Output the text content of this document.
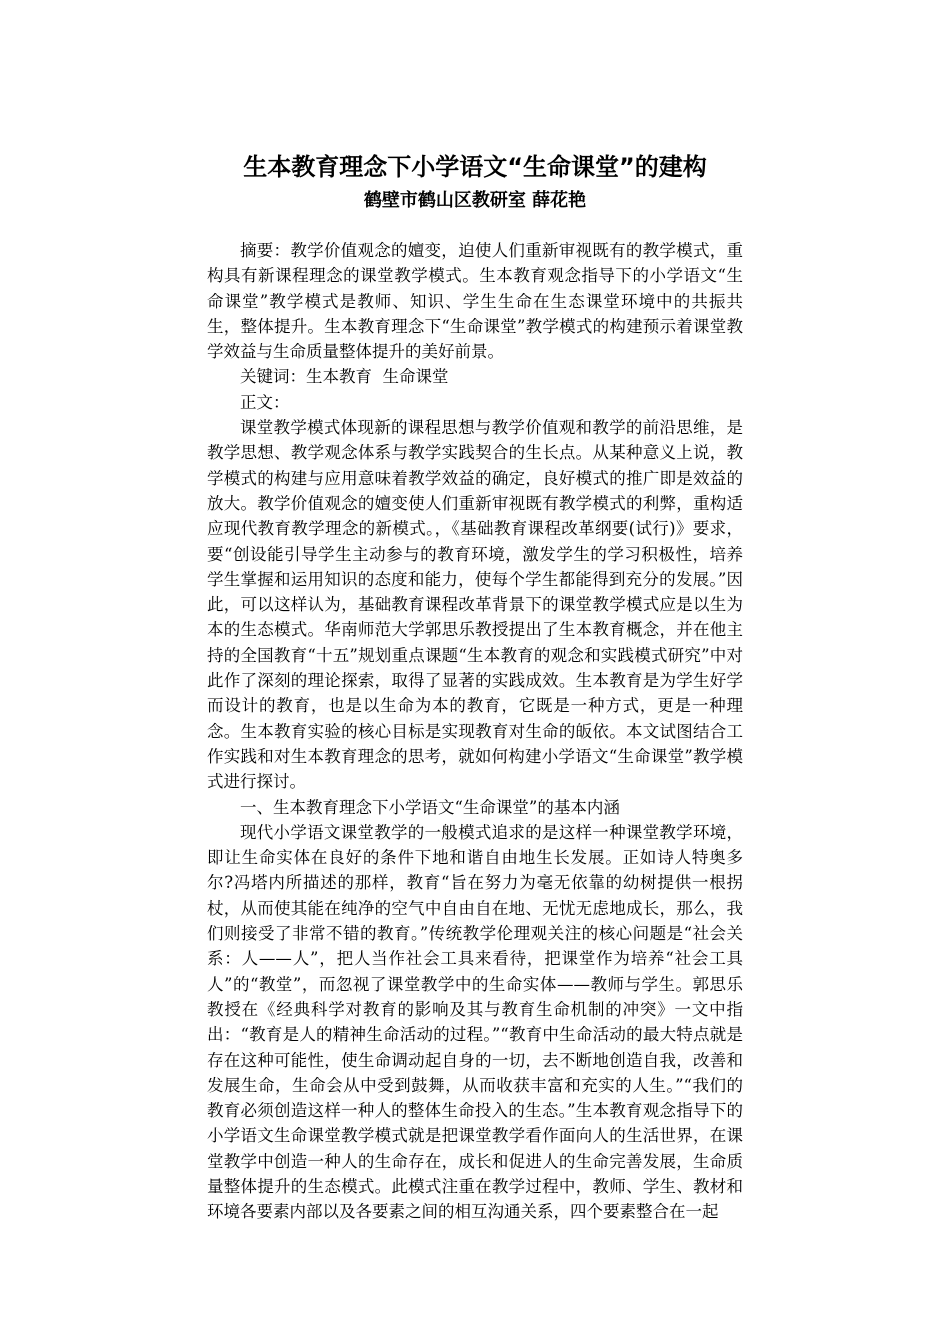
生本教育理念下小学语文“生命课堂”的建构
鹤壁市鹤山区教研室 薛花艳

摘要：教学价值观念的嬗变，迫使人们重新审视既有的教学模式，重构具有新课程理念的课堂教学模式。生本教育观念指导下的小学语文“生命课堂”教学模式是教师、知识、学生生命在生态课堂环境中的共振共生，整体提升。生本教育理念下“生命课堂”教学模式的构建预示着课堂教学效益与生命质量整体提升的美好前景。

关键词：生本教育  生命课堂

正文：

课堂教学模式体现新的课程思想与教学价值观和教学的前沿思维，是教学思想、教学观念体系与教学实践契合的生长点。从某种意义上说，教学模式的构建与应用意味着教学效益的确定，良好模式的推广即是效益的放大。教学价值观念的嬗变使人们重新审视既有教学模式的利弊，重构适应现代教育教学理念的新模式。，《基础教育课程改革纲要(试行)》要求，要“创设能引导学生主动参与的教育环境，激发学生的学习积极性，培养学生掌握和运用知识的态度和能力，使每个学生都能得到充分的发展。”因此，可以这样认为，基础教育课程改革背景下的课堂教学模式应是以生为本的生态模式。华南师范大学郭思乐教授提出了生本教育概念，并在他主持的全国教育“十五”规划重点课题“生本教育的观念和实践模式研究”中对此作了深刻的理论探索，取得了显著的实践成效。生本教育是为学生好学而设计的教育，也是以生命为本的教育，它既是一种方式，更是一种理念。生本教育实验的核心目标是实现教育对生命的皈依。本文试图结合工作实践和对生本教育理念的思考，就如何构建小学语文“生命课堂”教学模式进行探讨。

一、生本教育理念下小学语文“生命课堂”的基本内涵

现代小学语文课堂教学的一般模式追求的是这样一种课堂教学环境，即让生命实体在良好的条件下地和谐自由地生长发展。正如诗人特奥多尔?冯塔内所描述的那样，教育“旨在努力为毫无依靠的幼树提供一根拐杖，从而使其能在纯净的空气中自由自在地、无忧无虑地成长，那么，我们则接受了非常不错的教育。”传统教学伦理观关注的核心问题是“社会关系：人——人”，把人当作社会工具来看待，把课堂作为培养“社会工具人”的“教堂”，而忽视了课堂教学中的生命实体——教师与学生。郭思乐教授在《经典科学对教育的影响及其与教育生命机制的冲突》一文中指出：“教育是人的精神生命活动的过程。”“教育中生命活动的最大特点就是存在这种可能性，使生命调动起自身的一切，去不断地创造自我，改善和发展生命，生命会从中受到鼓舞，从而收获丰富和充实的人生。”“我们的教育必须创造这样一种人的整体生命投入的生态。”生本教育观念指导下的小学语文生命课堂教学模式就是把课堂教学看作面向人的生活世界，在课堂教学中创造一种人的生命存在，成长和促进人的生命完善发展，生命质量整体提升的生态模式。此模式注重在教学过程中，教师、学生、教材和环境各要素内部以及各要素之间的相互沟通关系，四个要素整合在一起
